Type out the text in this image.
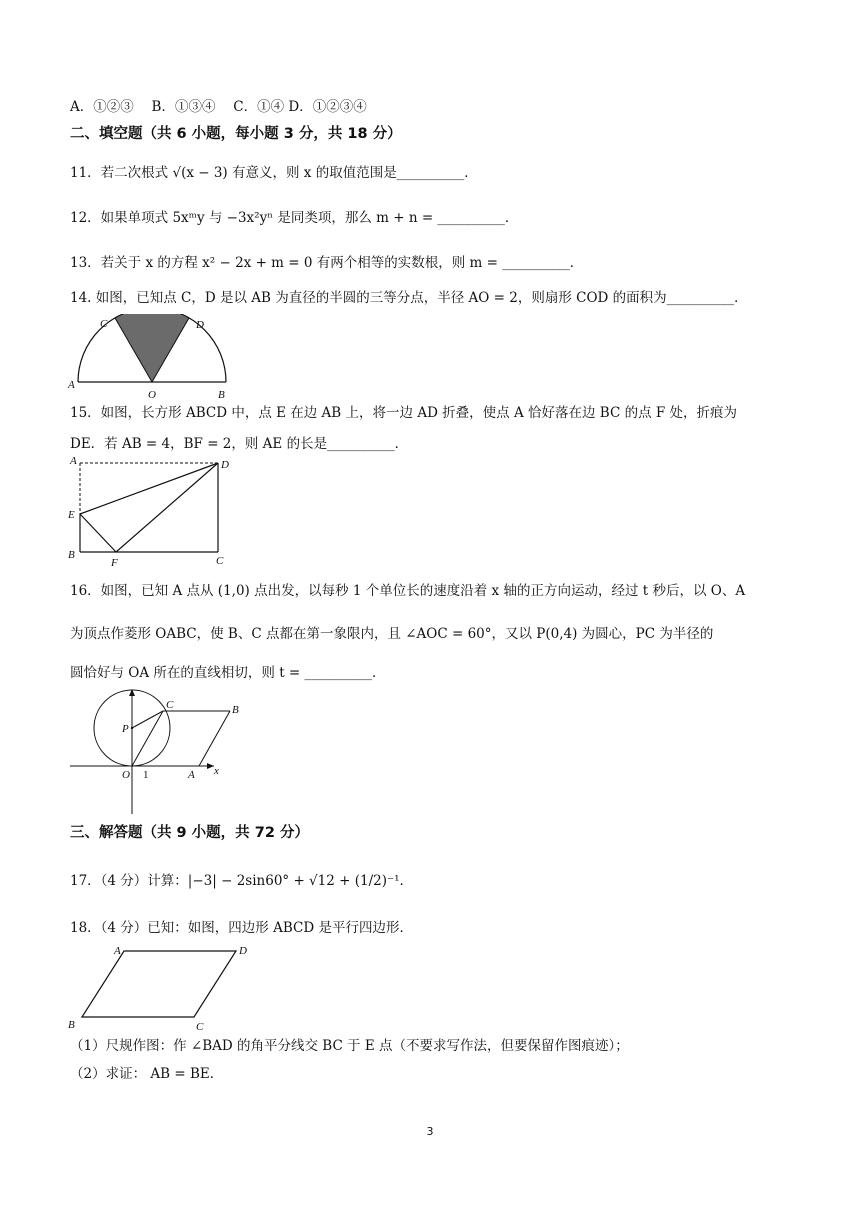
A．①②③　 B．①③④　 C．①④ D．①②③④
二、填空题（共 6 小题，每小题 3 分，共 18 分）
11．若二次根式 √(x − 3) 有意义，则 x 的取值范围是__________．
12．如果单项式 5xᵐy 与 −3x²yⁿ 是同类项，那么 m + n = __________．
13．若关于 x 的方程 x² − 2x + m = 0 有两个相等的实数根，则 m = __________．
14. 如图，已知点 C，D 是以 AB 为直径的半圆的三等分点，半径 AO = 2，则扇形 COD 的面积为__________．
A
B
C	D
O
15．如图，长方形 ABCD 中，点 E 在边 AB 上，将一边 AD 折叠，使点 A 恰好落在边 BC 的点 F 处，折痕为
DE．若 AB = 4，BF = 2，则 AE 的长是__________．
A	D
E
B
F	C
16．如图，已知 A 点从 (1,0) 点出发，以每秒 1 个单位长的速度沿着 x 轴的正方向运动，经过 t 秒后，以 O、A
为顶点作菱形 OABC，使 B、C 点都在第一象限内，且 ∠AOC = 60°，又以 P(0,4) 为圆心，PC 为半径的
圆恰好与 OA 所在的直线相切，则 t = __________．
P
C	B
O 1	A x
三、解答题（共 9 小题，共 72 分）
17．（4 分）计算：|−3| − 2sin60° + √12 + (1/2)⁻¹．
18．（4 分）已知：如图，四边形 ABCD 是平行四边形．
A	D
B	C
（1）尺规作图：作 ∠BAD 的角平分线交 BC 于 E 点（不要求写作法，但要保留作图痕迹）；
（2）求证： AB = BE．
3
